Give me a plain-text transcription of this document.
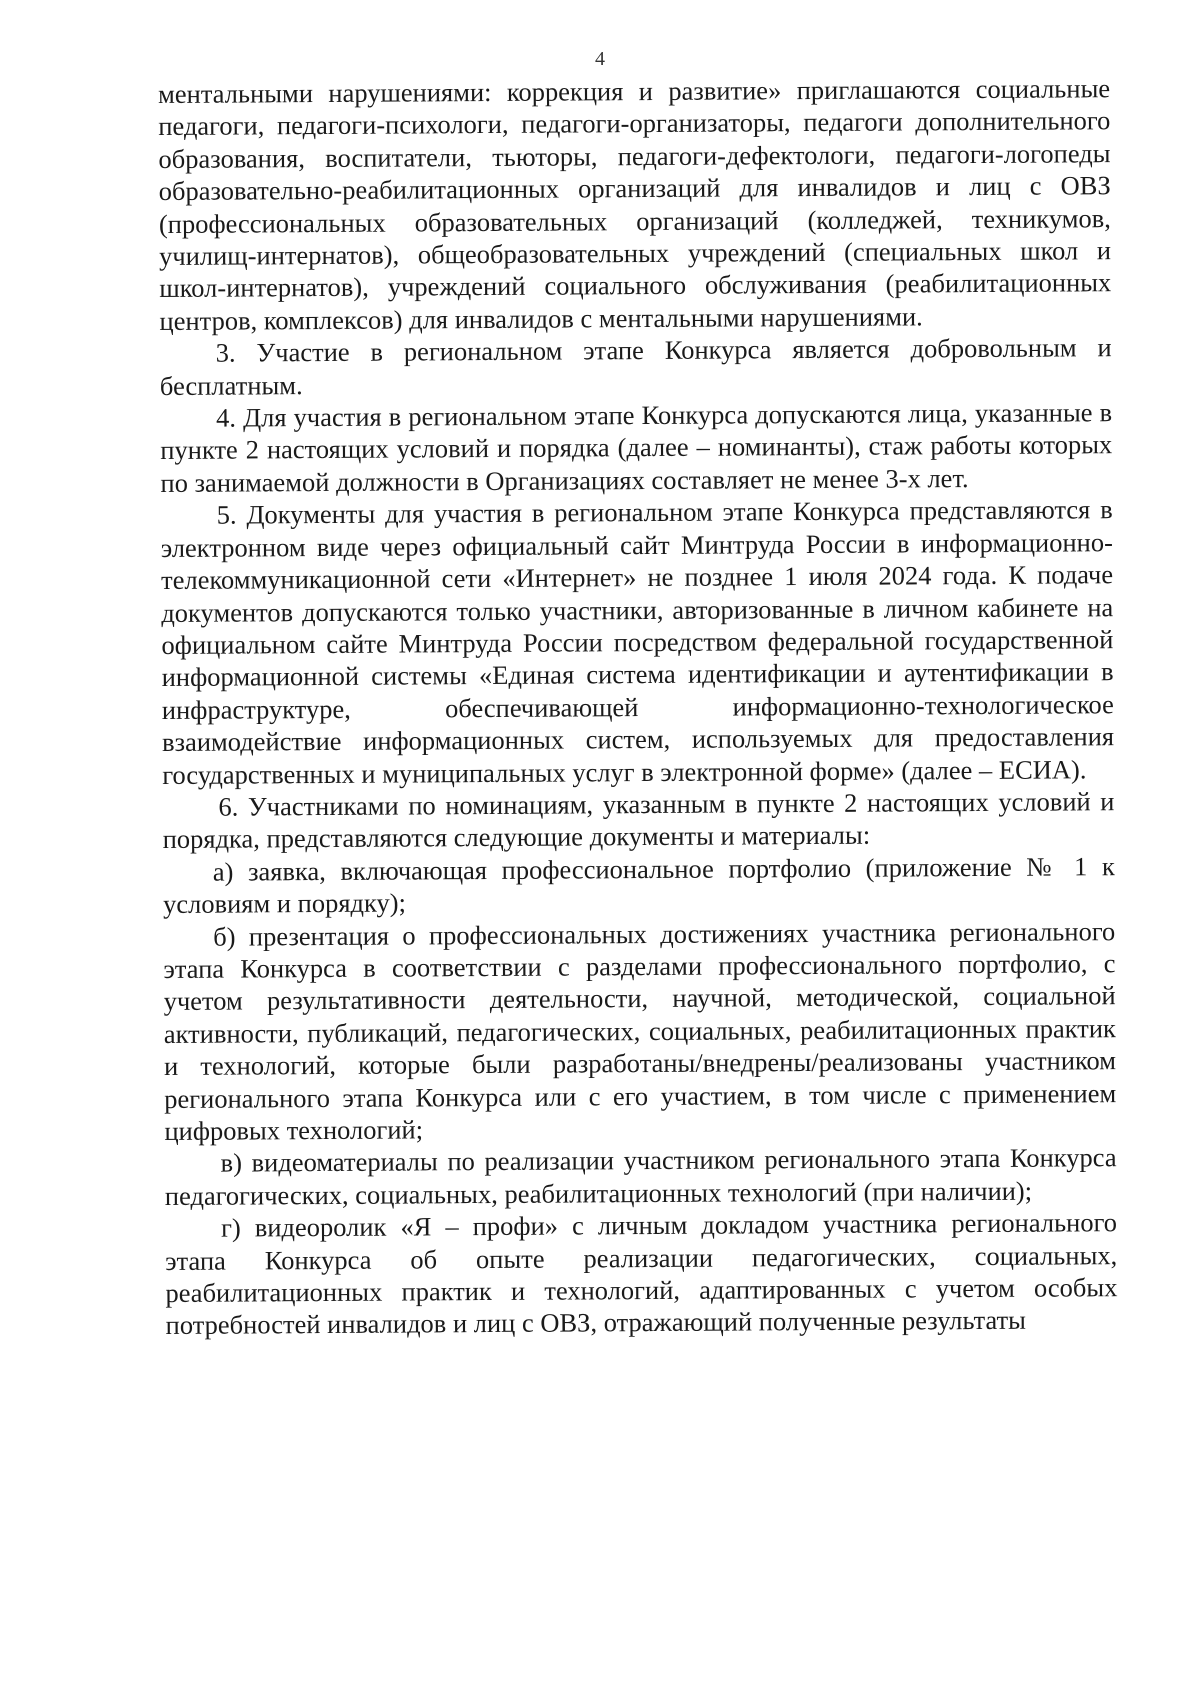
4

ментальными нарушениями: коррекция и развитие» приглашаются социальные педагоги, педагоги-психологи, педагоги-организаторы, педагоги дополнительного образования, воспитатели, тьюторы, педагоги-дефектологи, педагоги-логопеды образовательно-реабилитационных организаций для инвалидов и лиц с ОВЗ (профессиональных образовательных организаций (колледжей, техникумов, училищ-интернатов), общеобразовательных учреждений (специальных школ и школ-интернатов), учреждений социального обслуживания (реабилитационных центров, комплексов) для инвалидов с ментальными нарушениями.

3. Участие в региональном этапе Конкурса является добровольным и бесплатным.

4. Для участия в региональном этапе Конкурса допускаются лица, указанные в пункте 2 настоящих условий и порядка (далее – номинанты), стаж работы которых по занимаемой должности в Организациях составляет не менее 3-х лет.

5. Документы для участия в региональном этапе Конкурса представляются в электронном виде через официальный сайт Минтруда России в информационно-телекоммуникационной сети «Интернет» не позднее 1 июля 2024 года. К подаче документов допускаются только участники, авторизованные в личном кабинете на официальном сайте Минтруда России посредством федеральной государственной информационной системы «Единая система идентификации и аутентификации в инфраструктуре, обеспечивающей информационно-технологическое взаимодействие информационных систем, используемых для предоставления государственных и муниципальных услуг в электронной форме» (далее – ЕСИА).

6. Участниками по номинациям, указанным в пункте 2 настоящих условий и порядка, представляются следующие документы и материалы:

а) заявка, включающая профессиональное портфолио (приложение № 1 к условиям и порядку);

б) презентация о профессиональных достижениях участника регионального этапа Конкурса в соответствии с разделами профессионального портфолио, с учетом результативности деятельности, научной, методической, социальной активности, публикаций, педагогических, социальных, реабилитационных практик и технологий, которые были разработаны/внедрены/реализованы участником регионального этапа Конкурса или с его участием, в том числе с применением цифровых технологий;

в) видеоматериалы по реализации участником регионального этапа Конкурса педагогических, социальных, реабилитационных технологий (при наличии);

г) видеоролик «Я – профи» с личным докладом участника регионального этапа Конкурса об опыте реализации педагогических, социальных, реабилитационных практик и технологий, адаптированных с учетом особых потребностей инвалидов и лиц с ОВЗ, отражающий полученные результаты
